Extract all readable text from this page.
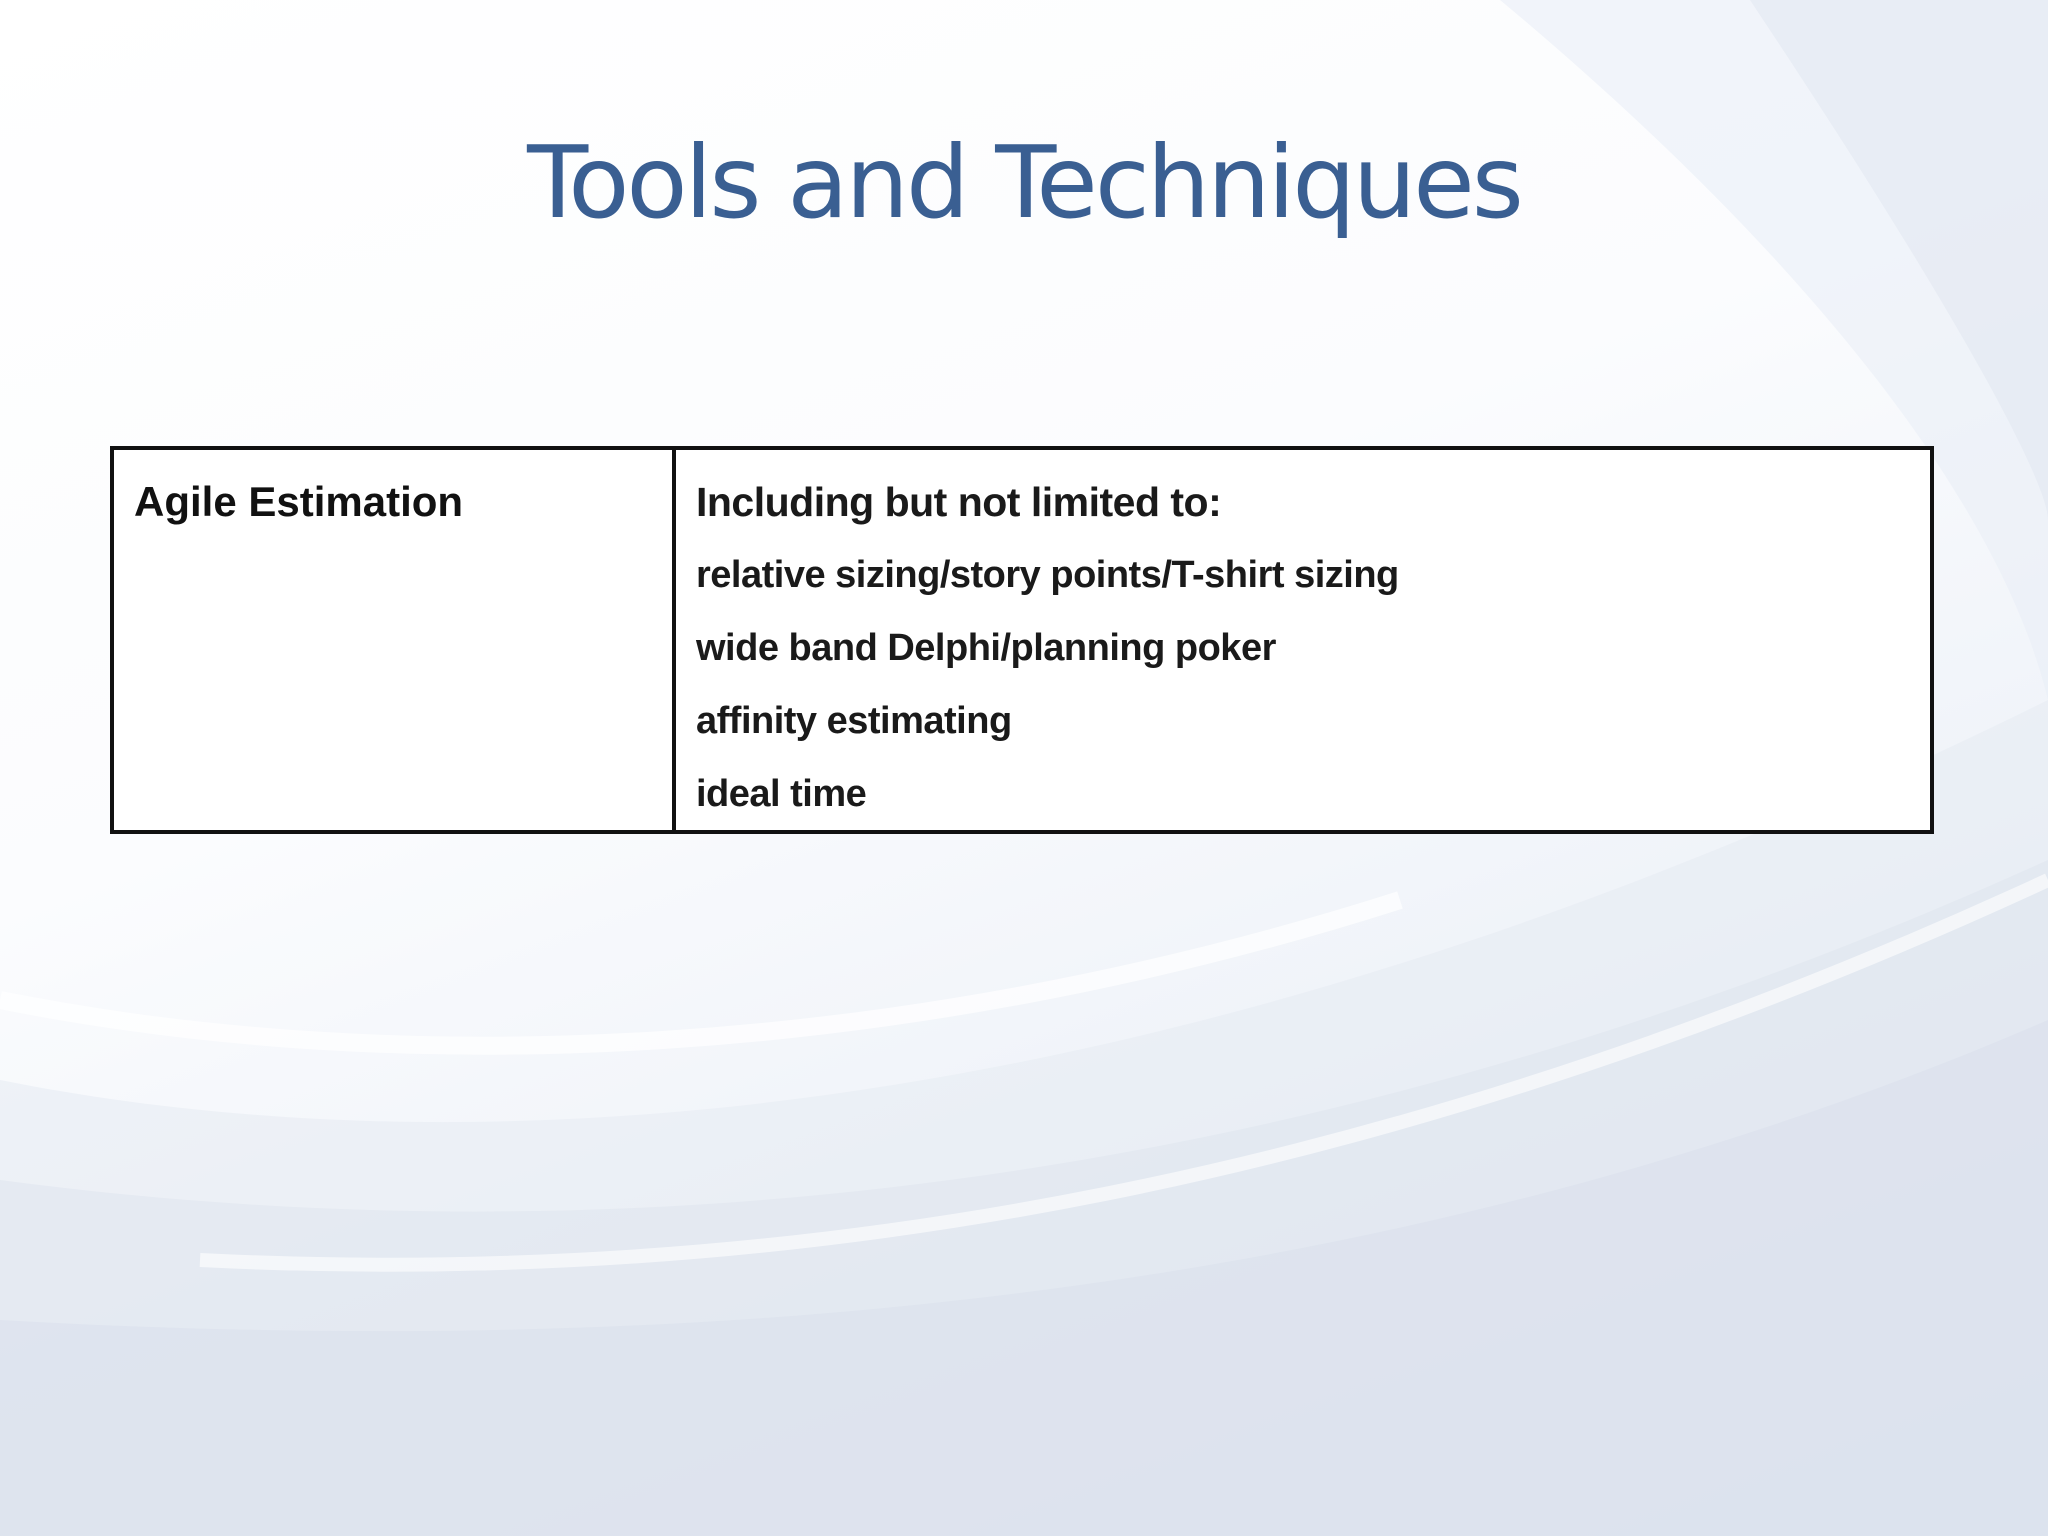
Tools and Techniques
Agile Estimation	Including but not limited to:
relative sizing/story points/T-shirt sizing
wide band Delphi/planning poker
affinity estimating
ideal time
